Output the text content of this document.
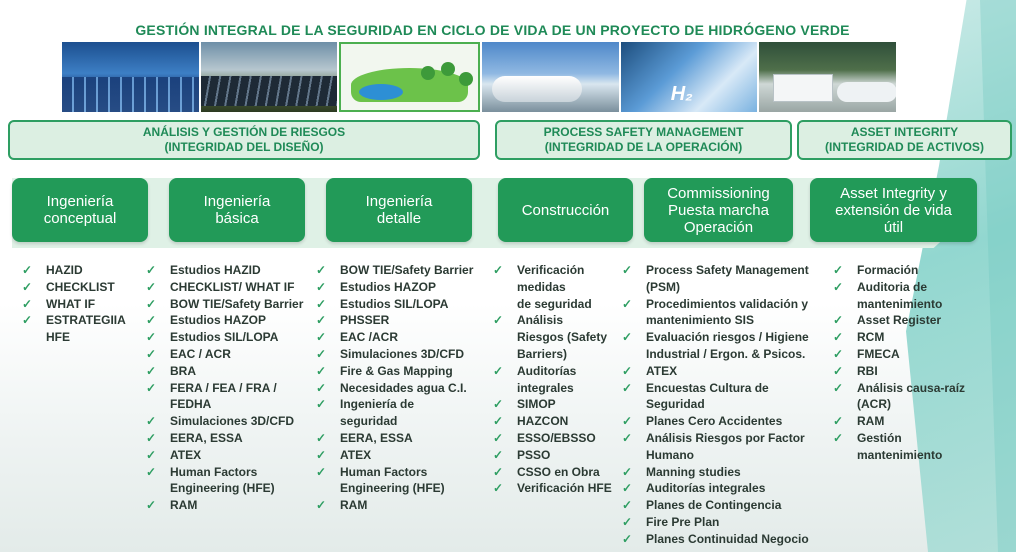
GESTIÓN INTEGRAL DE LA SEGURIDAD EN CICLO DE VIDA DE UN PROYECTO DE HIDRÓGENO VERDE
H₂
ANÁLISIS Y GESTIÓN DE RIESGOS
(INTEGRIDAD DEL DISEÑO)
PROCESS SAFETY MANAGEMENT
(INTEGRIDAD DE LA OPERACIÓN)
ASSET INTEGRITY
(INTEGRIDAD DE ACTIVOS)
Ingeniería
conceptual
Ingeniería
básica
Ingeniería
detalle	Construcción
Commissioning
Puesta marcha
Operación
Asset Integrity y
extensión de vida
útil
✓	HAZID
✓	CHECKLIST
✓	WHAT IF
✓	ESTRATEGIIA
HFE
✓	Estudios HAZID
✓	CHECKLIST/ WHAT IF
✓	BOW TIE/Safety Barrier
✓	Estudios HAZOP
✓	Estudios SIL/LOPA
✓	EAC / ACR
✓	BRA
✓	FERA / FEA / FRA /
FEDHA
✓	Simulaciones 3D/CFD
✓	EERA, ESSA
✓	ATEX
✓	Human Factors
Engineering (HFE)
✓	RAM
✓	BOW TIE/Safety Barrier
✓	Estudios HAZOP
✓	Estudios SIL/LOPA
✓	PHSSER
✓	EAC /ACR
✓	Simulaciones 3D/CFD
✓	Fire & Gas Mapping
✓	Necesidades agua C.I.
✓	Ingeniería de
seguridad
✓	EERA, ESSA
✓	ATEX
✓	Human Factors
Engineering (HFE)
✓	RAM
✓	Verificación
medidas
de seguridad
✓	Análisis
Riesgos (Safety
Barriers)
✓	Auditorías
integrales
✓	SIMOP
✓	HAZCON
✓	ESSO/EBSSO
✓	PSSO
✓	CSSO en Obra
✓	Verificación HFE
✓	Process Safety Management
(PSM)
✓	Procedimientos validación y
mantenimiento SIS
✓	Evaluación riesgos / Higiene
Industrial / Ergon. & Psicos.
✓	ATEX
✓	Encuestas Cultura de
Seguridad
✓	Planes Cero Accidentes
✓	Análisis Riesgos por Factor
Humano
✓	Manning studies
✓	Auditorías integrales
✓	Planes de Contingencia
✓	Fire Pre Plan
✓	Planes Continuidad Negocio
✓	Formación
✓	Auditoria de
mantenimiento
✓	Asset Register
✓	RCM
✓	FMECA
✓	RBI
✓	Análisis causa-raíz
(ACR)
✓	RAM
✓	Gestión
mantenimiento
